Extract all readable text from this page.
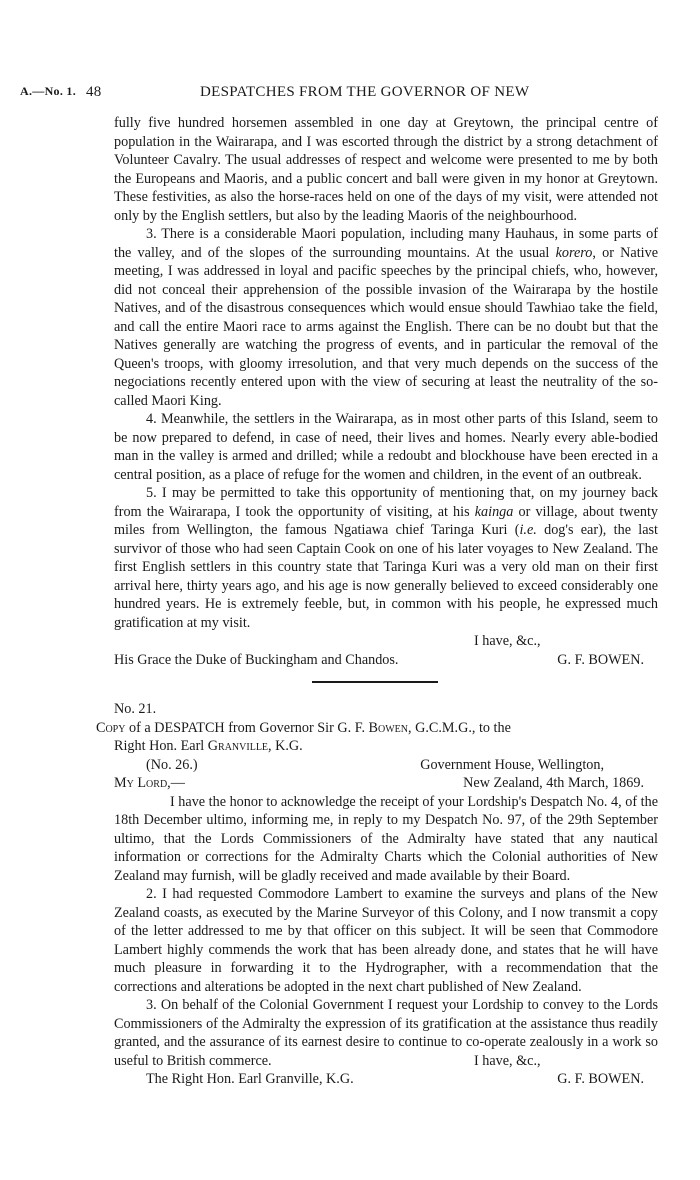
A.—No. 1. 48	DESPATCHES FROM THE GOVERNOR OF NEW

fully five hundred horsemen assembled in one day at Greytown, the principal centre of population in the Wairarapa, and I was escorted through the district by a strong detachment of Volunteer Cavalry. The usual addresses of respect and welcome were presented to me by both the Europeans and Maoris, and a public concert and ball were given in my honor at Greytown. These festivities, as also the horse-races held on one of the days of my visit, were attended not only by the English settlers, but also by the leading Maoris of the neighbourhood.

3. There is a considerable Maori population, including many Hauhaus, in some parts of the valley, and of the slopes of the surrounding mountains. At the usual korero, or Native meeting, I was addressed in loyal and pacific speeches by the principal chiefs, who, however, did not conceal their apprehension of the possible invasion of the Wairarapa by the hostile Natives, and of the disastrous consequences which would ensue should Tawhiao take the field, and call the entire Maori race to arms against the English. There can be no doubt but that the Natives generally are watching the progress of events, and in particular the removal of the Queen's troops, with gloomy irresolution, and that very much depends on the success of the negociations recently entered upon with the view of securing at least the neutrality of the so-called Maori King.

4. Meanwhile, the settlers in the Wairarapa, as in most other parts of this Island, seem to be now prepared to defend, in case of need, their lives and homes. Nearly every able-bodied man in the valley is armed and drilled; while a redoubt and blockhouse have been erected in a central position, as a place of refuge for the women and children, in the event of an outbreak.

5. I may be permitted to take this opportunity of mentioning that, on my journey back from the Wairarapa, I took the opportunity of visiting, at his kainga or village, about twenty miles from Wellington, the famous Ngatiawa chief Taringa Kuri (i.e. dog's ear), the last survivor of those who had seen Captain Cook on one of his later voyages to New Zealand. The first English settlers in this country state that Taringa Kuri was a very old man on their first arrival here, thirty years ago, and his age is now generally believed to exceed considerably one hundred years. He is extremely feeble, but, in common with his people, he expressed much gratification at my visit.

I have, &c.,

His Grace the Duke of Buckingham and Chandos.	G. F. BOWEN.

No. 21.

Copy of a DESPATCH from Governor Sir G. F. Bowen, G.C.M.G., to the

Right Hon. Earl Granville, K.G.

(No. 26.)	Government House, Wellington,

My Lord,—	New Zealand, 4th March, 1869.

I have the honor to acknowledge the receipt of your Lordship's Despatch No. 4, of the 18th December ultimo, informing me, in reply to my Despatch No. 97, of the 29th September ultimo, that the Lords Commissioners of the Admiralty have stated that any nautical information or corrections for the Admiralty Charts which the Colonial authorities of New Zealand may furnish, will be gladly received and made available by their Board.

2. I had requested Commodore Lambert to examine the surveys and plans of the New Zealand coasts, as executed by the Marine Surveyor of this Colony, and I now transmit a copy of the letter addressed to me by that officer on this subject. It will be seen that Commodore Lambert highly commends the work that has been already done, and states that he will have much pleasure in forwarding it to the Hydrographer, with a recommendation that the corrections and alterations be adopted in the next chart published of New Zealand.

3. On behalf of the Colonial Government I request your Lordship to convey to the Lords Commissioners of the Admiralty the expression of its gratification at the assistance thus readily granted, and the assurance of its earnest desire to continue to co-operate zealously in a work so useful to British commerce.	I have, &c.,

The Right Hon. Earl Granville, K.G.	G. F. BOWEN.
